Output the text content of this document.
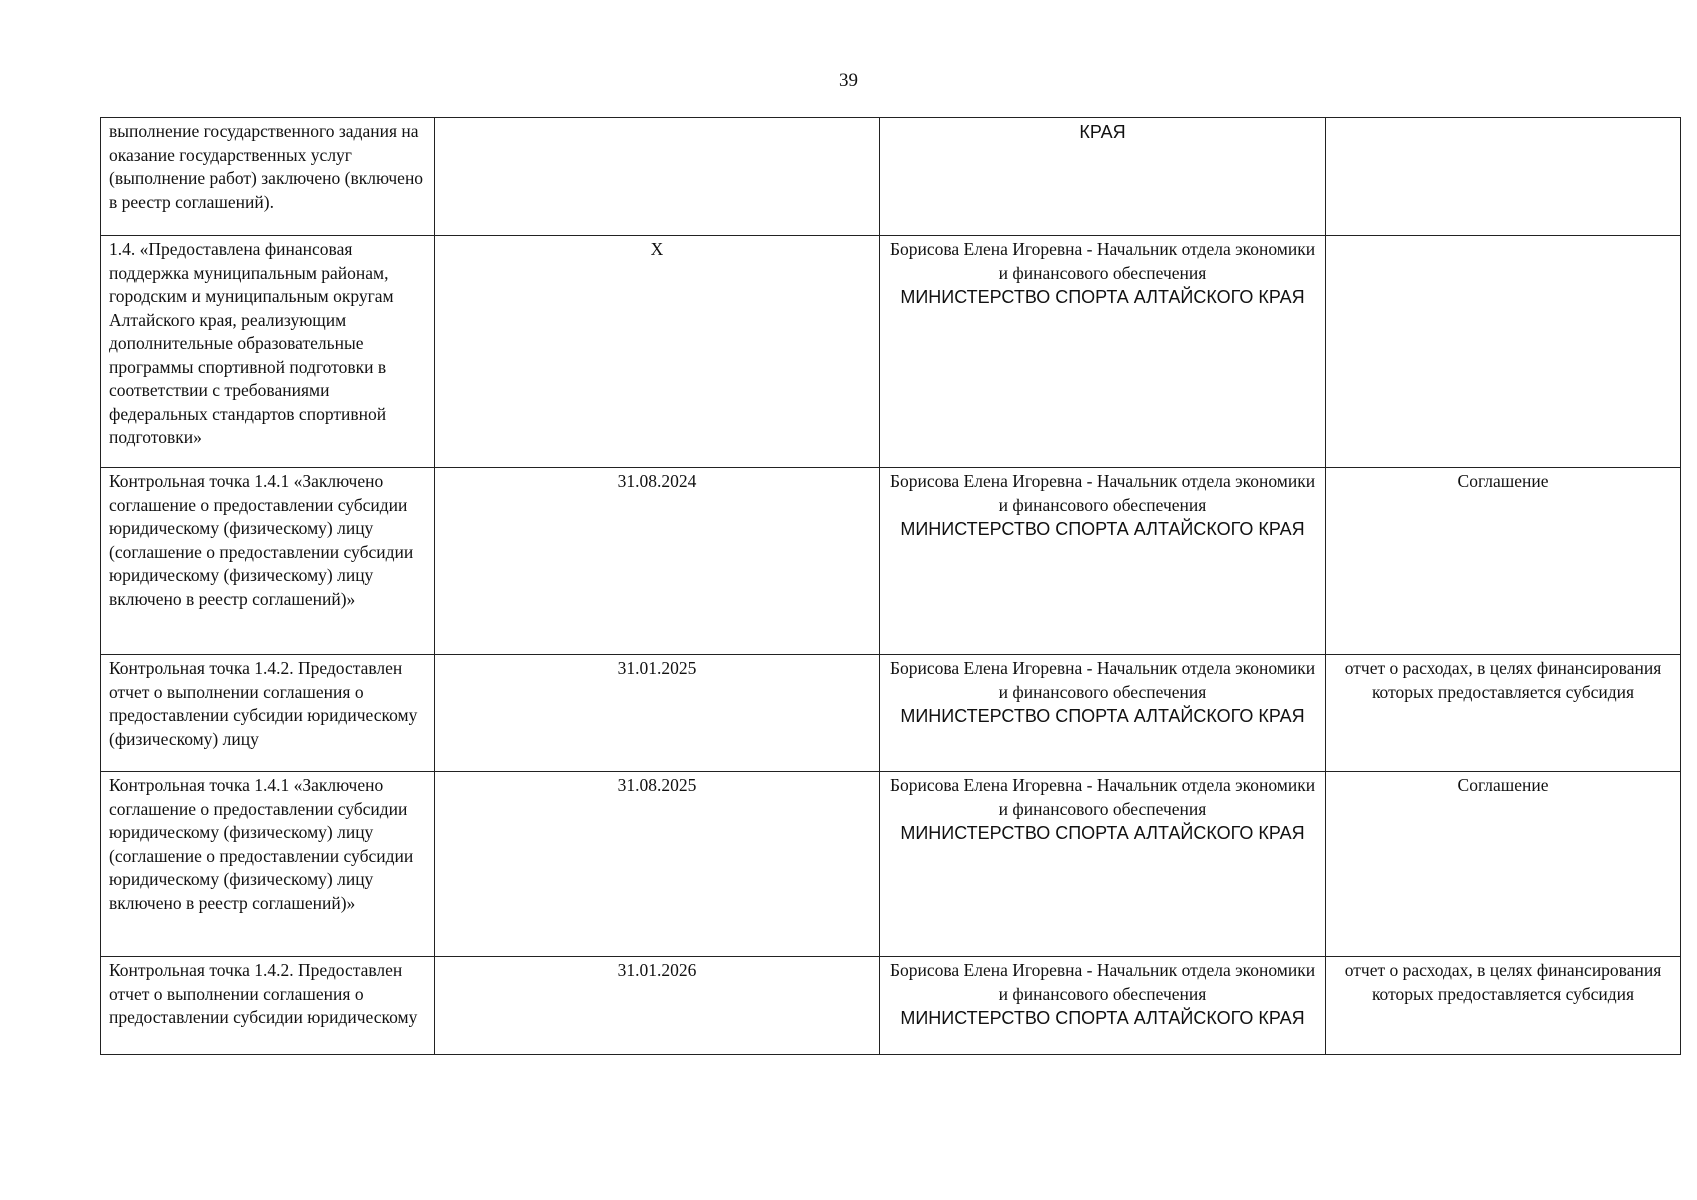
39
выполнение государственного задания на оказание государственных услуг (выполнение работ) заключено (включено в реестр соглашений).		КРАЯ	

1.4. «Предоставлена финансовая поддержка муниципальным районам, городским и муниципальным округам Алтайского края, реализующим дополнительные образовательные программы спортивной подготовки в соответствии с требованиями федеральных стандартов спортивной подготовки»	X	Борисова Елена Игоревна - Начальник отдела экономики и финансового обеспечения
МИНИСТЕРСТВО СПОРТА АЛТАЙСКОГО КРАЯ	

Контрольная точка 1.4.1 «Заключено соглашение о предоставлении субсидии юридическому (физическому) лицу (соглашение о предоставлении субсидии юридическому (физическому) лицу включено в реестр соглашений)»	31.08.2024	Борисова Елена Игоревна - Начальник отдела экономики и финансового обеспечения
МИНИСТЕРСТВО СПОРТА АЛТАЙСКОГО КРАЯ	Соглашение
Контрольная точка 1.4.2. Предоставлен отчет о выполнении соглашения о предоставлении субсидии юридическому (физическому) лицу	31.01.2025	Борисова Елена Игоревна - Начальник отдела экономики и финансового обеспечения
МИНИСТЕРСТВО СПОРТА АЛТАЙСКОГО КРАЯ	отчет о расходах, в целях финансирования которых предоставляется субсидия
Контрольная точка 1.4.1 «Заключено соглашение о предоставлении субсидии юридическому (физическому) лицу (соглашение о предоставлении субсидии юридическому (физическому) лицу включено в реестр соглашений)»	31.08.2025	Борисова Елена Игоревна - Начальник отдела экономики и финансового обеспечения
МИНИСТЕРСТВО СПОРТА АЛТАЙСКОГО КРАЯ	Соглашение
Контрольная точка 1.4.2. Предоставлен отчет о выполнении соглашения о предоставлении субсидии юридическому	31.01.2026	Борисова Елена Игоревна - Начальник отдела экономики и финансового обеспечения
МИНИСТЕРСТВО СПОРТА АЛТАЙСКОГО КРАЯ	отчет о расходах, в целях финансирования которых предоставляется субсидия
